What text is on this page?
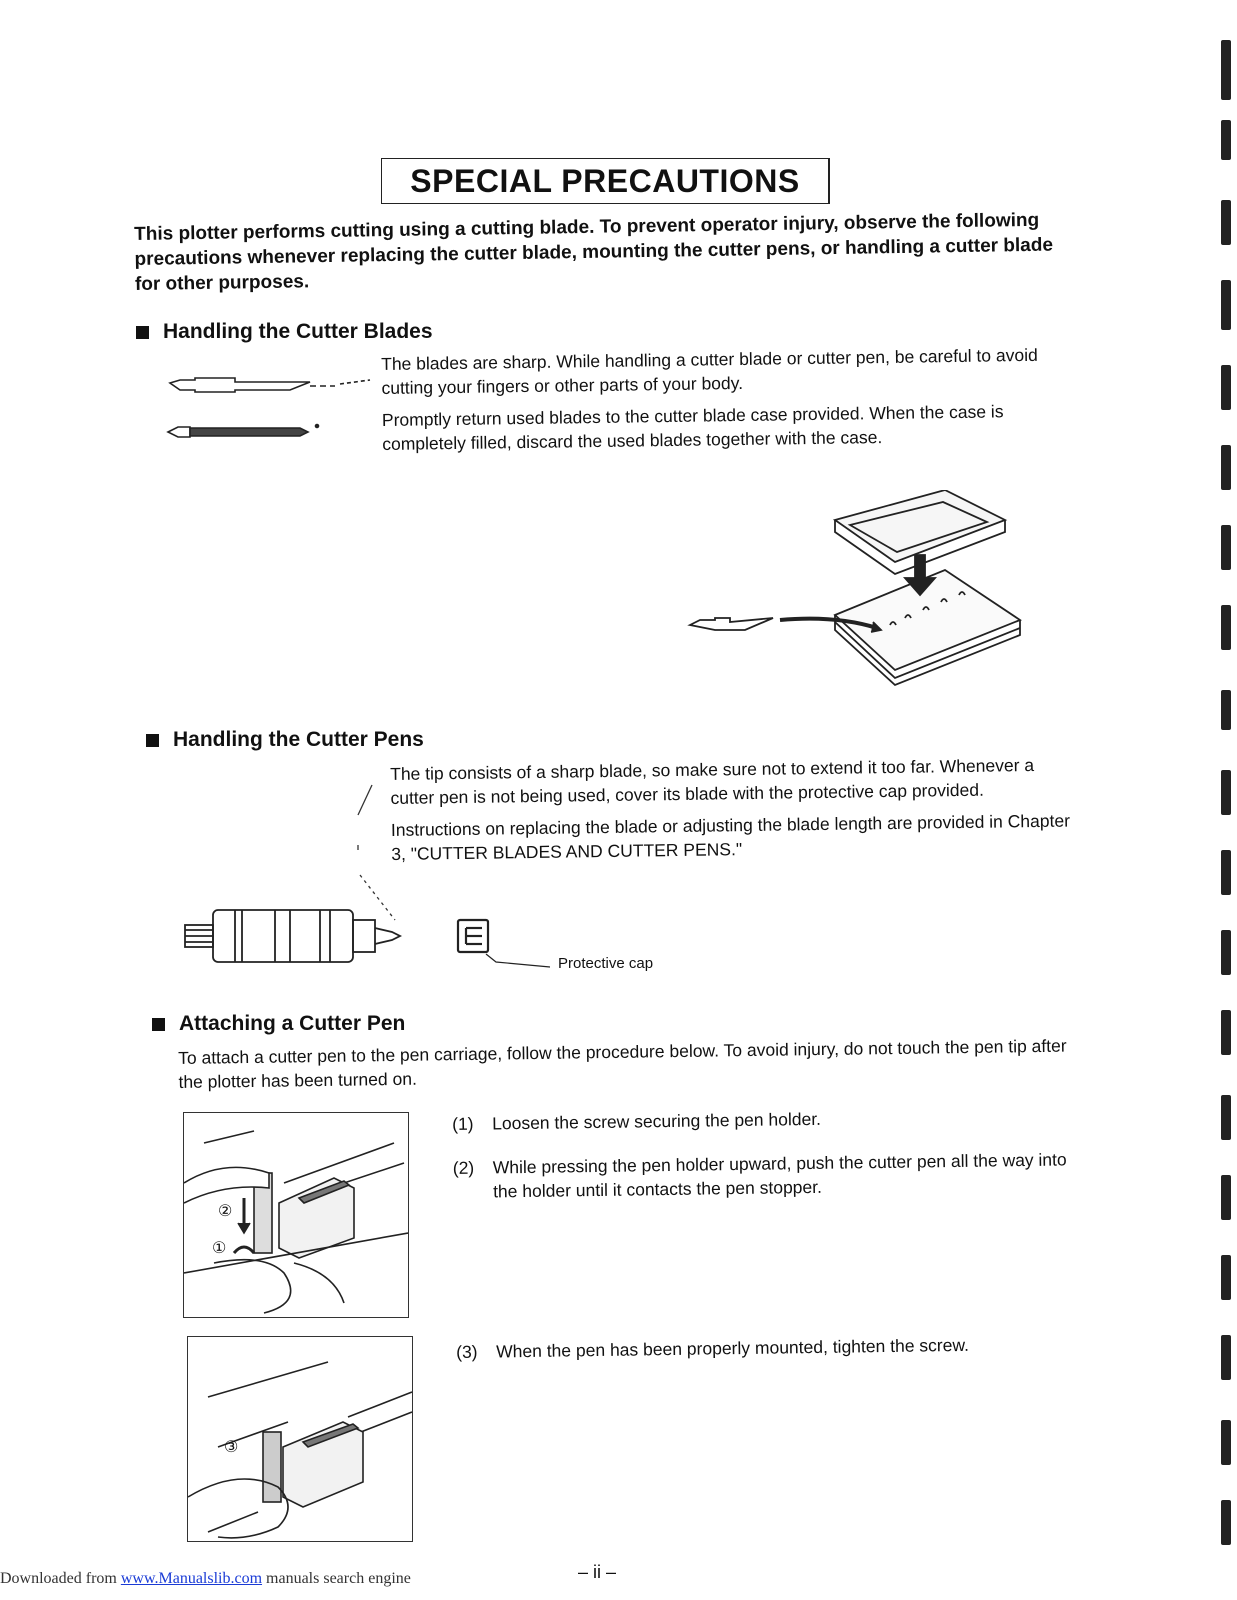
SPECIAL PRECAUTIONS
This plotter performs cutting using a cutting blade. To prevent operator injury, observe the following precautions whenever replacing the cutter blade, mounting the cutter pens, or handling a cutter blade for other purposes.
Handling the Cutter Blades

The blades are sharp. While handling a cutter blade or cutter pen, be careful to avoid cutting your fingers or other parts of your body.

Promptly return used blades to the cutter blade case provided. When the case is completely filled, discard the used blades together with the case.

Handling the Cutter Pens

The tip consists of a sharp blade, so make sure not to extend it too far. Whenever a cutter pen is not being used, cover its blade with the protective cap provided.

Instructions on replacing the blade or adjusting the blade length are provided in Chapter 3, "CUTTER BLADES AND CUTTER PENS."

Protective cap
Attaching a Cutter Pen
To attach a cutter pen to the pen carriage, follow the procedure below. To avoid injury, do not touch the pen tip after the plotter has been turned on.
(1)	Loosen the screw securing the pen holder.
(2)	While pressing the pen holder upward, push the cutter pen all the way into the holder until it contacts the pen stopper.
(3)	When the pen has been properly mounted, tighten the screw.
②
①
③
– ii –
Downloaded from www.Manualslib.com manuals search engine
